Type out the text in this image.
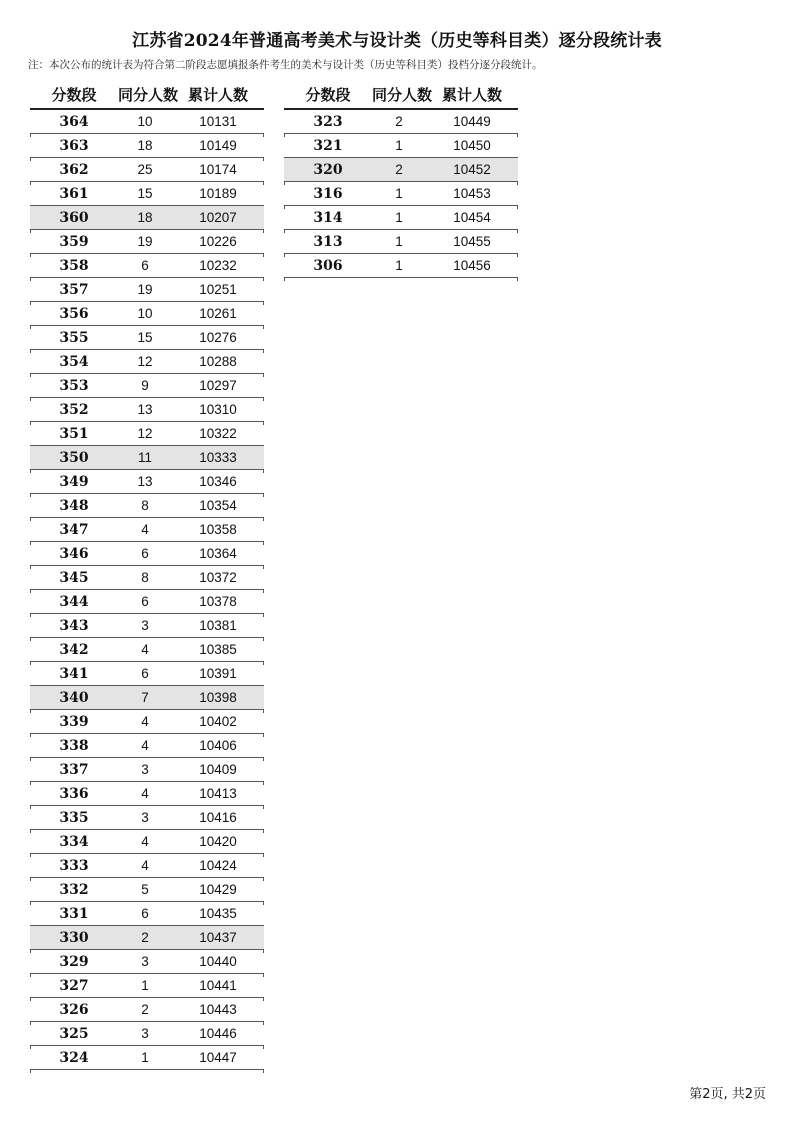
江苏省2024年普通高考美术与设计类（历史等科目类）逐分段统计表
注：本次公布的统计表为符合第二阶段志愿填报条件考生的美术与设计类（历史等科目类）投档分逐分段统计。
分数段	同分人数 累计人数
364	10	10131
363	18	10149
362	25	10174
361	15	10189
360	18	10207
359	19	10226
358	6	10232
357	19	10251
356	10	10261
355	15	10276
354	12	10288
353	9	10297
352	13	10310
351	12	10322
350	11	10333
349	13	10346
348	8	10354
347	4	10358
346	6	10364
345	8	10372
344	6	10378
343	3	10381
342	4	10385
341	6	10391
340	7	10398
339	4	10402
338	4	10406
337	3	10409
336	4	10413
335	3	10416
334	4	10420
333	4	10424
332	5	10429
331	6	10435
330	2	10437
329	3	10440
327	1	10441
326	2	10443
325	3	10446
324	1	10447
分数段	同分人数 累计人数
323	2	10449
321	1	10450
320	2	10452
316	1	10453
314	1	10454
313	1	10455
306	1	10456
第2页, 共2页
